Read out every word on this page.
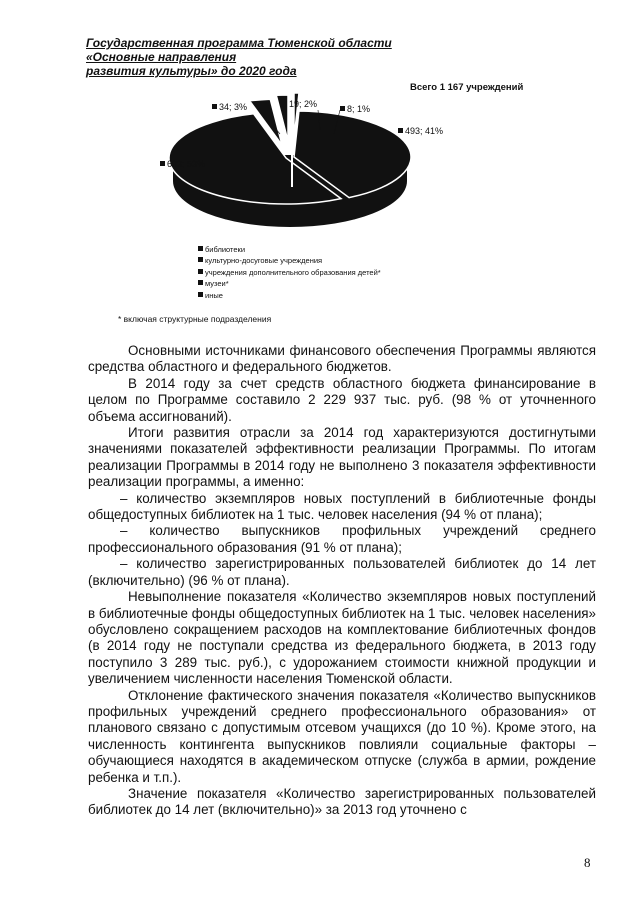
Государственная программа Тюменской области «Основные направления
развития культуры» до 2020 года
Всего 1 167 учреждений
493; 41%
633; 53%
34; 3%	19; 2%	8; 1%
библиотеки
культурно-досуговые учреждения
учреждения дополнительного образования детей*
музеи*
иные
* включая структурные подразделения

Основными источниками финансового обеспечения Программы являются средства областного и федерального бюджетов.

В 2014 году за счет средств областного бюджета финансирование в целом по Программе составило 2 229 937 тыс. руб. (98 % от уточненного объема ассигнований).

Итоги развития отрасли за 2014 год характеризуются достигнутыми значениями показателей эффективности реализации Программы. По итогам реализации Программы в 2014 году не выполнено 3 показателя эффективности реализации программы, а именно:

– количество экземпляров новых поступлений в библиотечные фонды общедоступных библиотек на 1 тыс. человек населения (94 % от плана);

– количество выпускников профильных учреждений среднего профессионального образования (91 % от плана);

– количество зарегистрированных пользователей библиотек до 14 лет (включительно) (96 % от плана).

Невыполнение показателя «Количество экземпляров новых поступлений в библиотечные фонды общедоступных библиотек на 1 тыс. человек населения» обусловлено сокращением расходов на комплектование библиотечных фондов (в 2014 году не поступали средства из федерального бюджета, в 2013 году поступило 3 289 тыс. руб.), с удорожанием стоимости книжной продукции и увеличением численности населения Тюменской области.

Отклонение фактического значения показателя «Количество выпускников профильных учреждений среднего профессионального образования» от планового связано с допустимым отсевом учащихся (до 10 %). Кроме этого, на численность контингента выпускников повлияли социальные факторы – обучающиеся находятся в академическом отпуске (служба в армии, рождение ребенка и т.п.).

Значение показателя «Количество зарегистрированных пользователей библиотек до 14 лет (включительно)» за 2013 год уточнено с

8
